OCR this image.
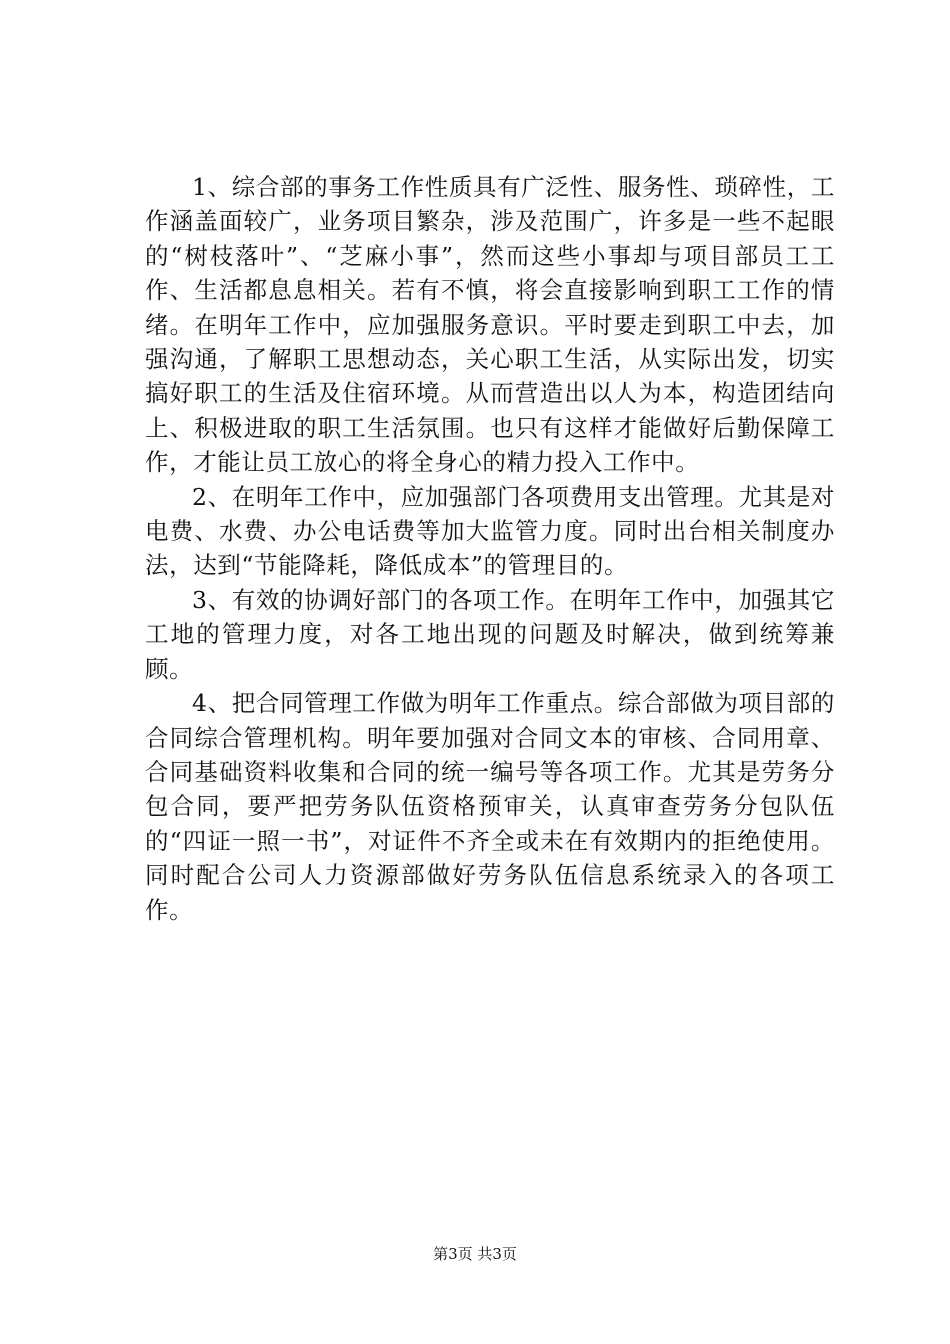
1、综合部的事务工作性质具有广泛性、服务性、琐碎性，工作涵盖面较广，业务项目繁杂，涉及范围广，许多是一些不起眼的“树枝落叶”、“芝麻小事”，然而这些小事却与项目部员工工作、生活都息息相关。若有不慎，将会直接影响到职工工作的情绪。在明年工作中，应加强服务意识。平时要走到职工中去，加强沟通，了解职工思想动态，关心职工生活，从实际出发，切实搞好职工的生活及住宿环境。从而营造出以人为本，构造团结向上、积极进取的职工生活氛围。也只有这样才能做好后勤保障工作，才能让员工放心的将全身心的精力投入工作中。

2、在明年工作中，应加强部门各项费用支出管理。尤其是对电费、水费、办公电话费等加大监管力度。同时出台相关制度办法，达到“节能降耗，降低成本”的管理目的。

3、有效的协调好部门的各项工作。在明年工作中，加强其它工地的管理力度，对各工地出现的问题及时解决，做到统筹兼顾。

4、把合同管理工作做为明年工作重点。综合部做为项目部的合同综合管理机构。明年要加强对合同文本的审核、合同用章、合同基础资料收集和合同的统一编号等各项工作。尤其是劳务分包合同，要严把劳务队伍资格预审关，认真审查劳务分包队伍的“四证一照一书”，对证件不齐全或未在有效期内的拒绝使用。同时配合公司人力资源部做好劳务队伍信息系统录入的各项工作。

第3页 共3页
